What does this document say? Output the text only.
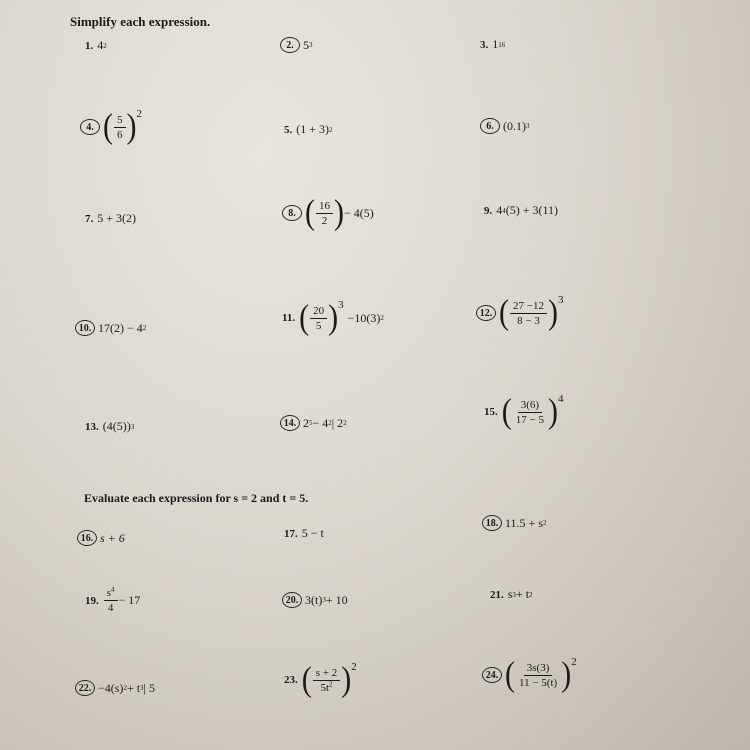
Simplify each expression.
1. 4 2	2. 5 3	3. 1 16
4. ( $\frac{5}{6}$ ) 2
5. (1 + 3) 2	6. (0.1) 3
7. 5 + 3(2)	8. ( $\frac{16}{2}$ ) − 4(5)	9. 4 4 (5) + 3(11)
10. 17(2) − 4 2
11. ( $\frac{20}{5}$ ) 3
−10(3) 2	12. ( $\frac{27 -12}{8 - 3}$ ) 3
13. (4(5)) 3	14. 2 5 − 4 2 | 2 2
15. ( $\frac{3(6)}{17 - 5}$ ) 4
Evaluate each expression for s = 2 and t = 5.
16. s + 6	17. 5 − t
18. 11.5 + s 2
19. $\frac{s^4}{4} - 17$	20. 3(t) 3 + 10	21. s 3 + t 2
22. −4(s) 2 + t 3 | 5
23. ( $\frac{s + 2}{5t^2}$ ) 2
24. ( $\frac{3s(3)}{11 - 5(t)}$ ) 2
